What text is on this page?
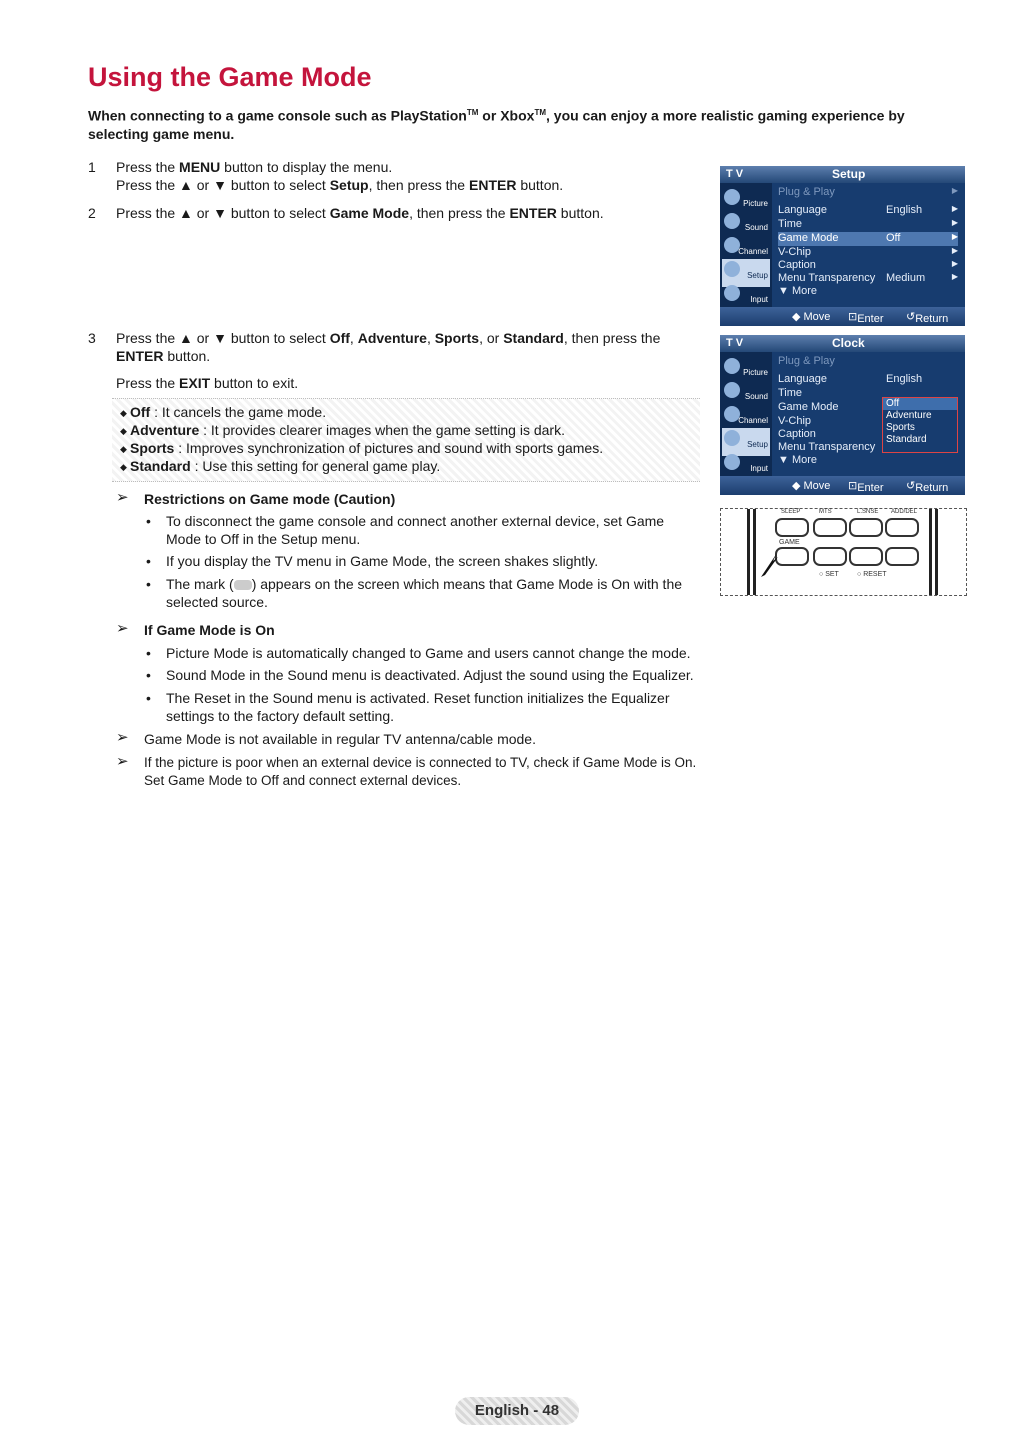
Using the Game Mode

When connecting to a game console such as PlayStation™ or Xbox™, you can enjoy a more realistic gaming experience by
selecting game menu.

1 Press the MENU button to display the menu.
Press the ▲ or ▼ button to select Setup, then press the ENTER button.
2 Press the ▲ or ▼ button to select Game Mode, then press the ENTER button.
3 Press the ▲ or ▼ button to select Off, Adventure, Sports, or Standard, then press the
ENTER button.
Press the EXIT button to exit.
◆ Off : It cancels the game mode.
◆ Adventure : It provides clearer images when the game setting is dark.
◆ Sports : Improves synchronization of pictures and sound with sports games.
◆ Standard : Use this setting for general game play.
➢ Restrictions on Game mode (Caution)
• To disconnect the game console and connect another external device, set Game
Mode to Off in the Setup menu.
• If you display the TV menu in Game Mode, the screen shakes slightly.
• The mark ( ) appears on the screen which means that Game Mode is On with the
selected source.
➢ If Game Mode is On
• Picture Mode is automatically changed to Game and users cannot change the mode.
• Sound Mode in the Sound menu is deactivated. Adjust the sound using the Equalizer.
• The Reset in the Sound menu is activated. Reset function initializes the Equalizer
settings to the factory default setting.
➢ Game Mode is not available in regular TV antenna/cable mode.
➢ If the picture is poor when an external device is connected to TV, check if Game Mode is On.
Set Game Mode to Off and connect external devices.
T V	Setup
Picture
Sound
Channel
Setup
Input
Plug & Play	▶
Language	English	▶
Time	▶
Game Mode	Off	▶
V-Chip	▶
Caption	▶
Menu Transparency Medium	▶
▼ More
◆ Move ⊡ Enter ↺ Return
T V	Clock
Picture
Sound
Channel
Setup
Input
Plug & Play
Language	English
Time
Game Mode
V-Chip
Caption
Menu Transparency
▼ More
Off
Adventure
Sports
Standard
◆ Move ⊡ Enter ↺ Return
SLEEP	MTS	L.SNSE ADD/DEL
GAME
○ SET	○ RESET
English - 48
